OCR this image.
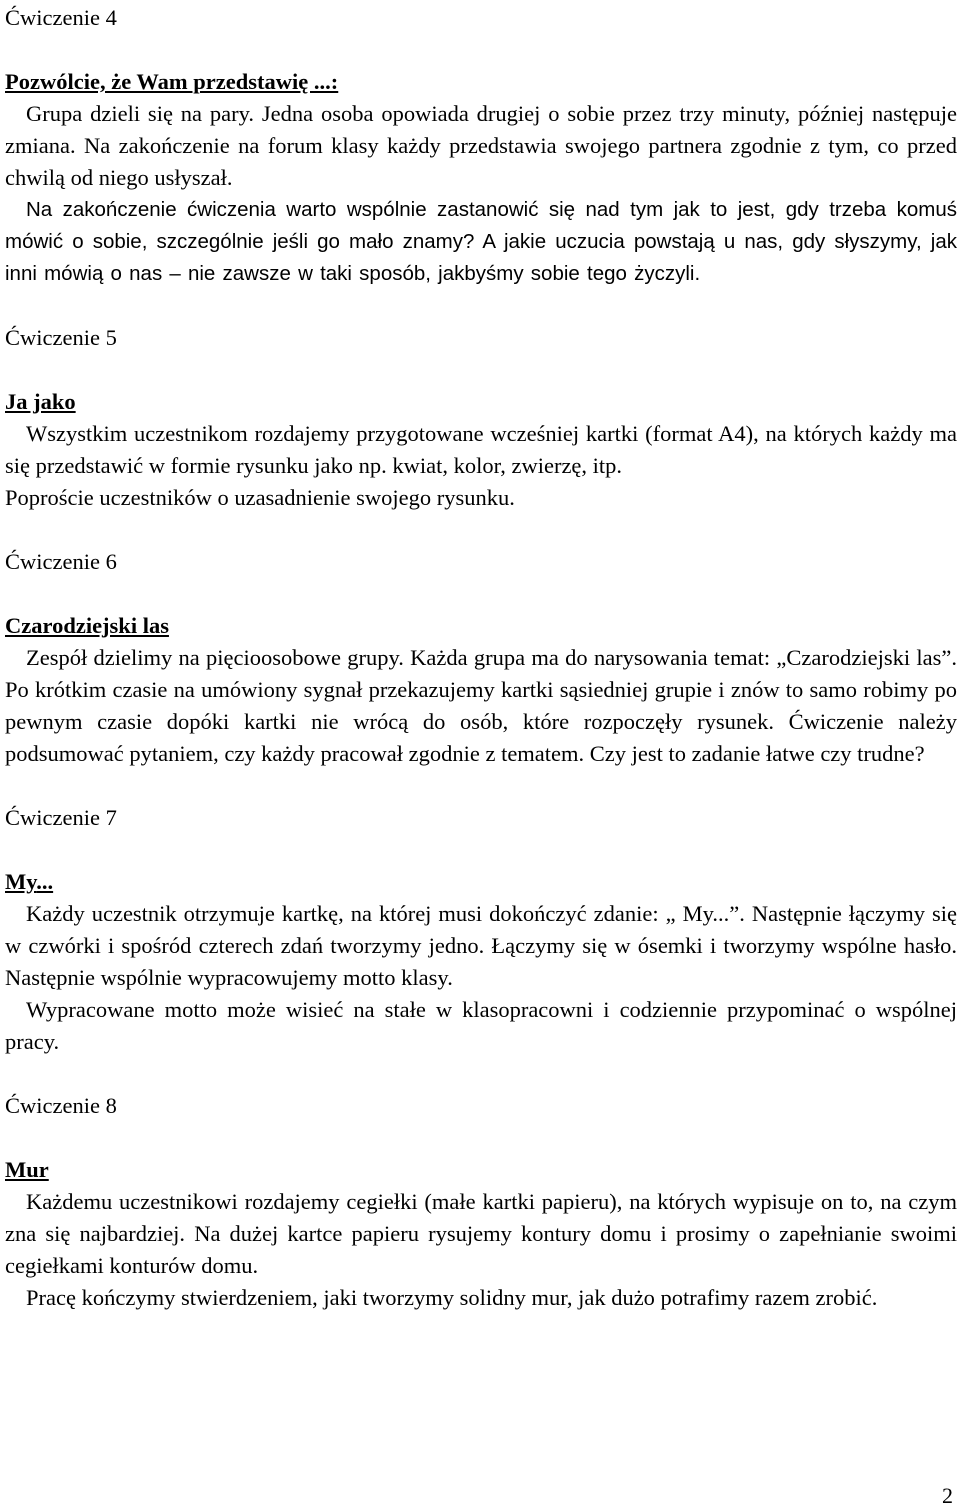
Ćwiczenie 4

Pozwólcie, że Wam przedstawię ...:

Grupa dzieli się na pary. Jedna osoba opowiada drugiej o sobie przez trzy minuty, później następuje zmiana. Na zakończenie na forum klasy każdy przedstawia swojego partnera zgodnie z tym, co przed chwilą od niego usłyszał.

Na zakończenie ćwiczenia warto wspólnie zastanowić się nad tym jak to jest, gdy trzeba komuś mówić o sobie, szczególnie jeśli go mało znamy? A jakie uczucia powstają u nas, gdy słyszymy, jak inni mówią o nas – nie zawsze w taki sposób, jakbyśmy sobie tego życzyli.

Ćwiczenie 5

Ja jako

Wszystkim uczestnikom rozdajemy przygotowane wcześniej kartki (format A4), na których każdy ma się przedstawić w formie rysunku jako np. kwiat, kolor, zwierzę, itp.

Poproście uczestników o uzasadnienie swojego rysunku.

Ćwiczenie 6

Czarodziejski las

Zespół dzielimy na pięcioosobowe grupy. Każda grupa ma do narysowania temat: „Czarodziejski las”. Po krótkim czasie na umówiony sygnał przekazujemy kartki sąsiedniej grupie i znów to samo robimy po pewnym czasie dopóki kartki nie wrócą do osób, które rozpoczęły rysunek. Ćwiczenie należy podsumować pytaniem, czy każdy pracował zgodnie z tematem. Czy jest to zadanie łatwe czy trudne?

Ćwiczenie 7

My...

Każdy uczestnik otrzymuje kartkę, na której musi dokończyć zdanie: „ My...”. Następnie łączymy się w czwórki i spośród czterech zdań tworzymy jedno. Łączymy się w ósemki i tworzymy wspólne hasło. Następnie wspólnie wypracowujemy motto klasy.

Wypracowane motto może wisieć na stałe w klasopracowni i codziennie przypominać o wspólnej pracy.

Ćwiczenie 8

Mur

Każdemu uczestnikowi rozdajemy cegiełki (małe kartki papieru), na których wypisuje on to, na czym zna się najbardziej. Na dużej kartce papieru rysujemy kontury domu i prosimy o zapełnianie swoimi cegiełkami konturów domu.

Pracę kończymy stwierdzeniem, jaki tworzymy solidny mur, jak dużo potrafimy razem zrobić.

2
